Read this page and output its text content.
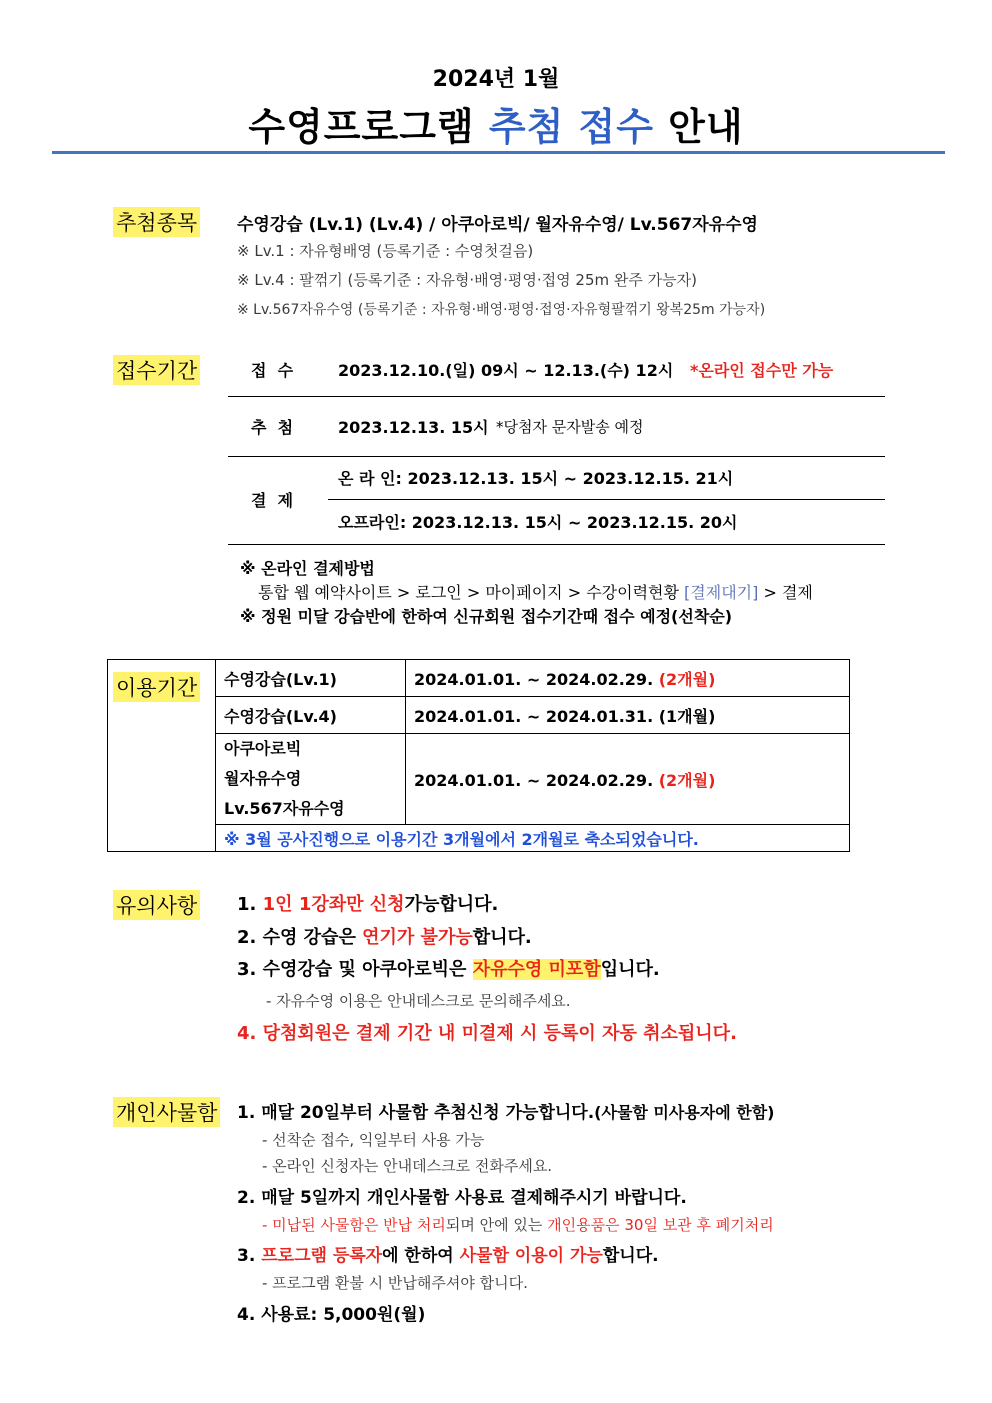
2024년 1월
수영프로그램 추첨 접수 안내
추첨종목 수영강습 (Lv.1) (Lv.4) / 아쿠아로빅/ 월자유수영/ Lv.567자유수영
※ Lv.1 : 자유형배영 (등록기준 : 수영첫걸음)
※ Lv.4 : 팔꺾기 (등록기준 : 자유형·배영·평영·접영 25m 완주 가능자)
※ Lv.567자유수영 (등록기준 : 자유형·배영·평영·접영·자유형팔꺾기 왕복25m 가능자)
접수기간	접  수	2023.12.10.(일) 09시 ~ 12.13.(수) 12시 *온라인 접수만 가능
추  첨	2023.12.13. 15시 *당첨자 문자발송 예정
결  제
온 라 인: 2023.12.13. 15시 ~ 2023.12.15. 21시
오프라인: 2023.12.13. 15시 ~ 2023.12.15. 20시
※ 온라인 결제방법
통합 웹 예약사이트 > 로그인 > 마이페이지 > 수강이력현황 [결제대기] > 결제
※ 정원 미달 강습반에 한하여 신규회원 접수기간때 접수 예정(선착순)
이용기간	수영강습(Lv.1)	2024.01.01. ~ 2024.02.29. (2개월)
	수영강습(Lv.4)	2024.01.01. ~ 2024.01.31. (1개월)

	아쿠아로빅
월자유수영
Lv.567자유수영	2024.01.01. ~ 2024.02.29. (2개월)
	※ 3월 공사진행으로 이용기간 3개월에서 2개월로 축소되었습니다.	
유의사항 1. 1인 1강좌만 신청가능합니다.
2. 수영 강습은 연기가 불가능합니다.
3. 수영강습 및 아쿠아로빅은 자유수영 미포함입니다.
- 자유수영 이용은 안내데스크로 문의해주세요.
4. 당첨회원은 결제 기간 내 미결제 시 등록이 자동 취소됩니다.
개인사물함 1. 매달 20일부터 사물함 추첨신청 가능합니다.(사물함 미사용자에 한함)
- 선착순 접수, 익일부터 사용 가능
- 온라인 신청자는 안내데스크로 전화주세요.
2. 매달 5일까지 개인사물함 사용료 결제해주시기 바랍니다.
- 미납된 사물함은 반납 처리되며 안에 있는 개인용품은 30일 보관 후 폐기처리
3. 프로그램 등록자에 한하여 사물함 이용이 가능합니다.
- 프로그램 환불 시 반납해주셔야 합니다.
4. 사용료: 5,000원(월)
